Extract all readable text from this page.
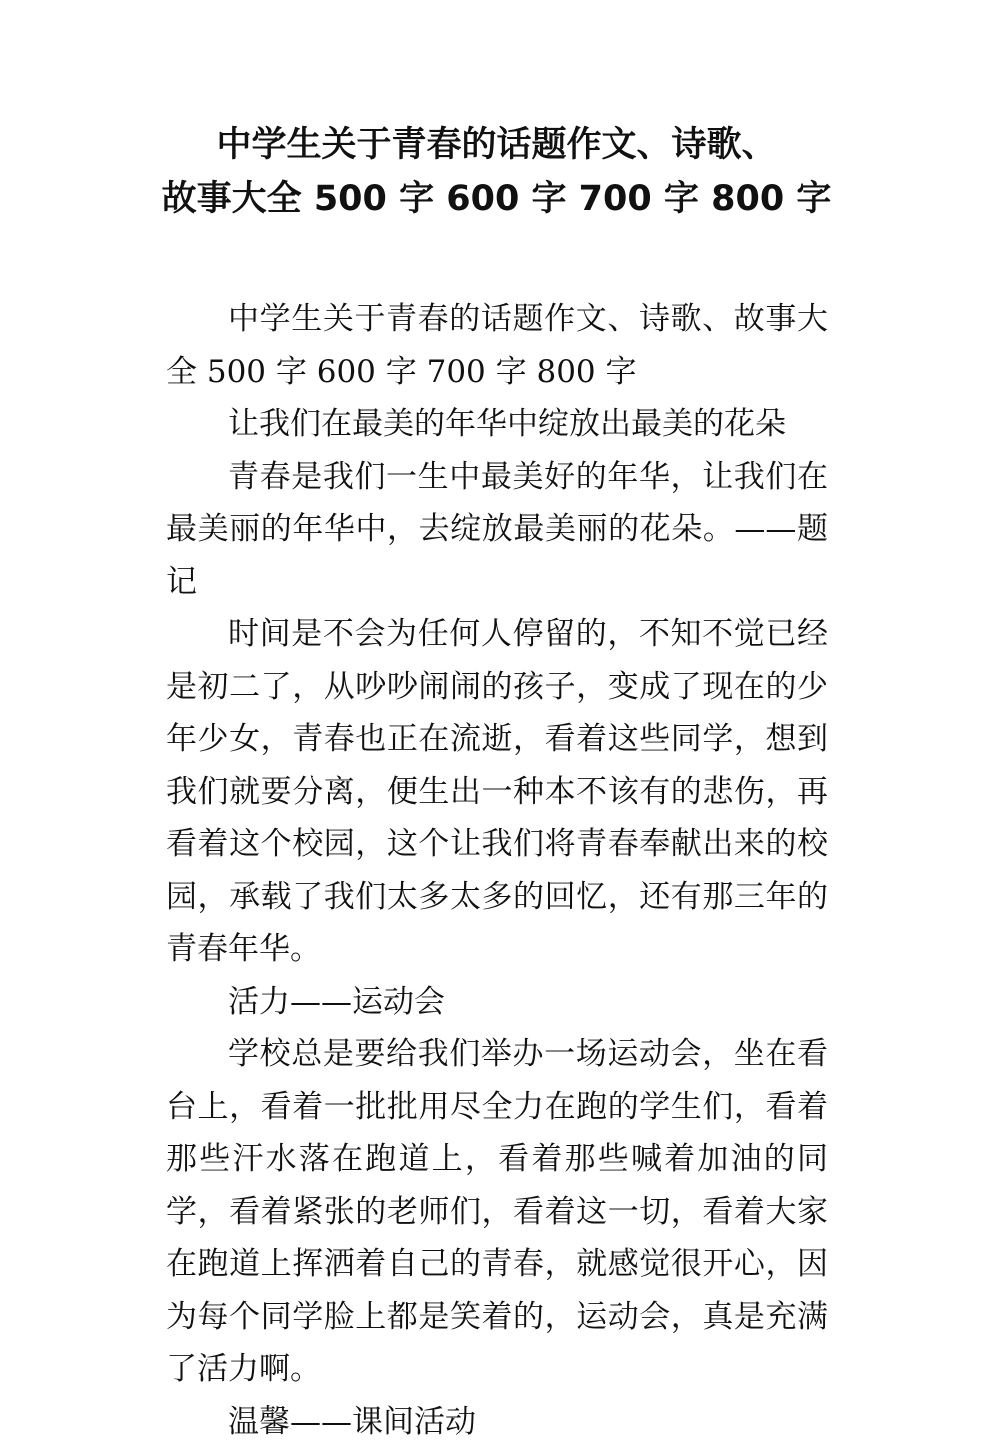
中学生关于青春的话题作文、诗歌、
故事大全 500 字 600 字 700 字 800 字

中学生关于青春的话题作文、诗歌、故事大全 500 字 600 字 700 字 800 字

让我们在最美的年华中绽放出最美的花朵

青春是我们一生中最美好的年华，让我们在最美丽的年华中，去绽放最美丽的花朵。——题记

时间是不会为任何人停留的，不知不觉已经是初二了，从吵吵闹闹的孩子，变成了现在的少年少女，青春也正在流逝，看着这些同学，想到我们就要分离，便生出一种本不该有的悲伤，再看着这个校园，这个让我们将青春奉献出来的校园，承载了我们太多太多的回忆，还有那三年的青春年华。

活力——运动会

学校总是要给我们举办一场运动会，坐在看台上，看着一批批用尽全力在跑的学生们，看着那些汗水落在跑道上，看着那些喊着加油的同学，看着紧张的老师们，看着这一切，看着大家在跑道上挥洒着自己的青春，就感觉很开心，因为每个同学脸上都是笑着的，运动会，真是充满了活力啊。

温馨——课间活动
